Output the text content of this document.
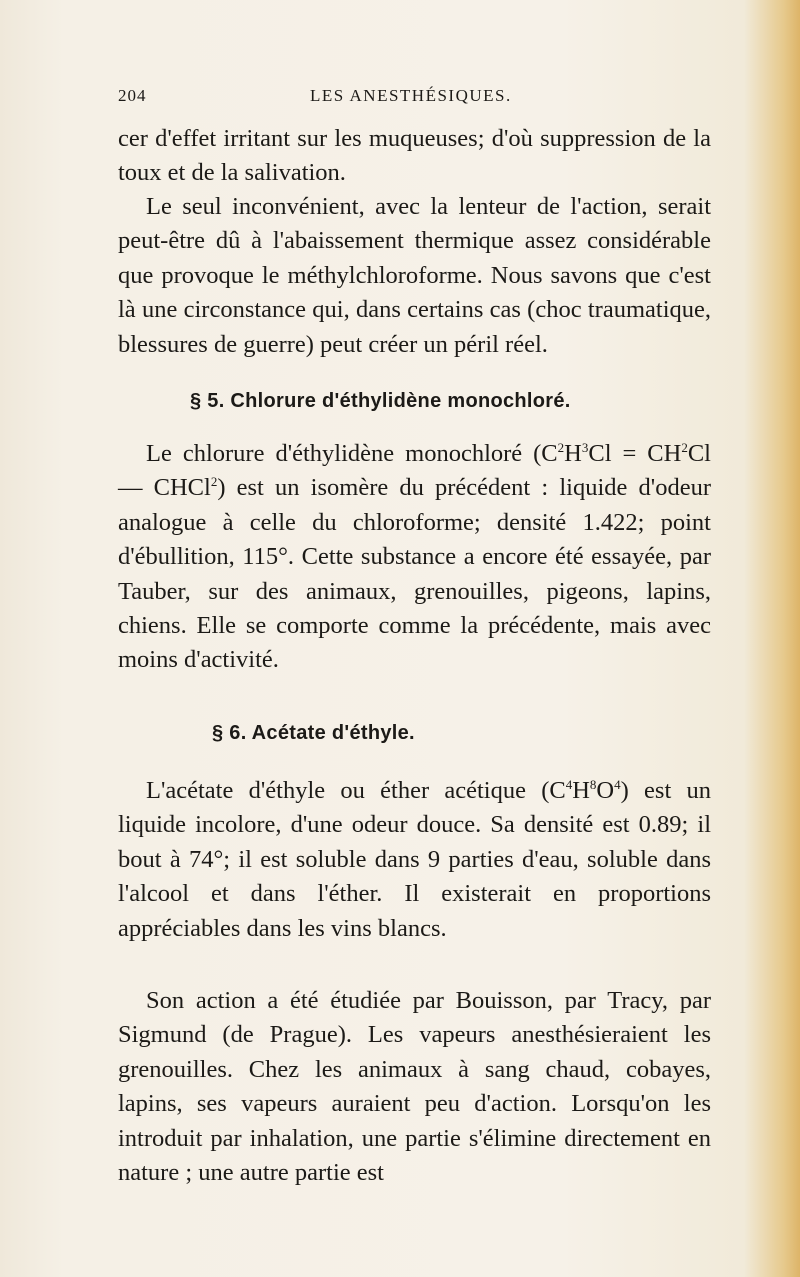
204	LES ANESTHÉSIQUES.

cer d'effet irritant sur les muqueuses; d'où suppression de la toux et de la salivation.

Le seul inconvénient, avec la lenteur de l'action, serait peut-être dû à l'abaissement thermique assez considérable que provoque le méthylchloroforme. Nous savons que c'est là une circonstance qui, dans certains cas (choc traumatique, blessures de guerre) peut créer un péril réel.

§ 5. Chlorure d'éthylidène monochloré.

Le chlorure d'éthylidène monochloré ($C^2H^3Cl = CH^2Cl$ — CHCl$^2$) est un isomère du précédent : liquide d'odeur analogue à celle du chloroforme; densité 1.422; point d'ébullition, 115°. Cette substance a encore été essayée, par Tauber, sur des animaux, grenouilles, pigeons, lapins, chiens. Elle se comporte comme la précédente, mais avec moins d'activité.

§ 6. Acétate d'éthyle.

L'acétate d'éthyle ou éther acétique $(C^4H^8O^4)$ est un liquide incolore, d'une odeur douce. Sa densité est 0.89; il bout à 74°; il est soluble dans 9 parties d'eau, soluble dans l'alcool et dans l'éther. Il existerait en proportions appréciables dans les vins blancs.

Son action a été étudiée par Bouisson, par Tracy, par Sigmund (de Prague). Les vapeurs anesthésieraient les grenouilles. Chez les animaux à sang chaud, cobayes, lapins, ses vapeurs auraient peu d'action. Lorsqu'on les introduit par inhalation, une partie s'élimine directement en nature ; une autre partie est
